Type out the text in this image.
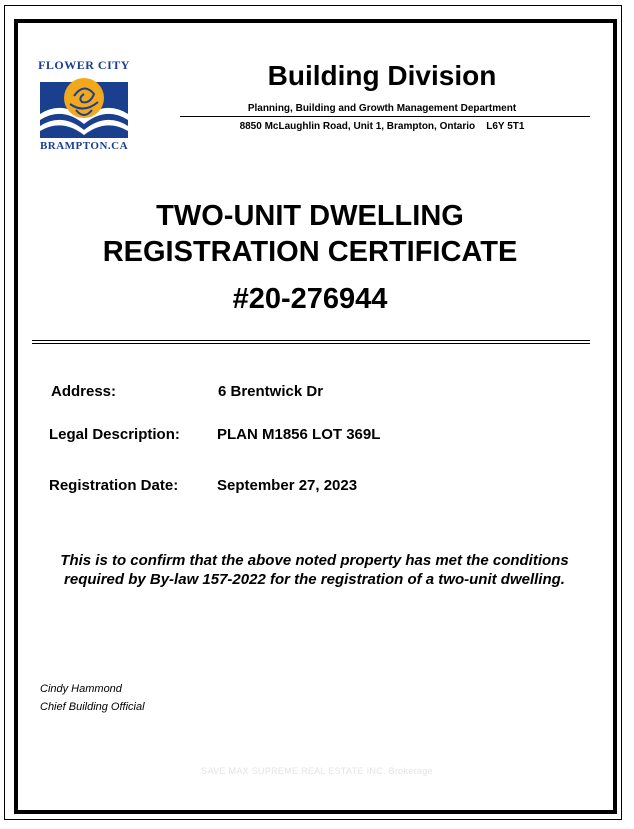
FLOWER CITY
BRAMPTON.CA
Building Division
Planning, Building and Growth Management Department
8850 McLaughlin Road, Unit 1, Brampton, Ontario    L6Y 5T1
TWO-UNIT DWELLING
REGISTRATION CERTIFICATE
#20-276944
Address:	6 Brentwick Dr
Legal Description: PLAN M1856 LOT 369L
Registration Date:	September 27, 2023
This is to confirm that the above noted property has met the conditions
required by By-law 157-2022 for the registration of a two-unit dwelling.
Cindy Hammond
Chief Building Official
SAVE MAX SUPREME REAL ESTATE INC. Brokerage
